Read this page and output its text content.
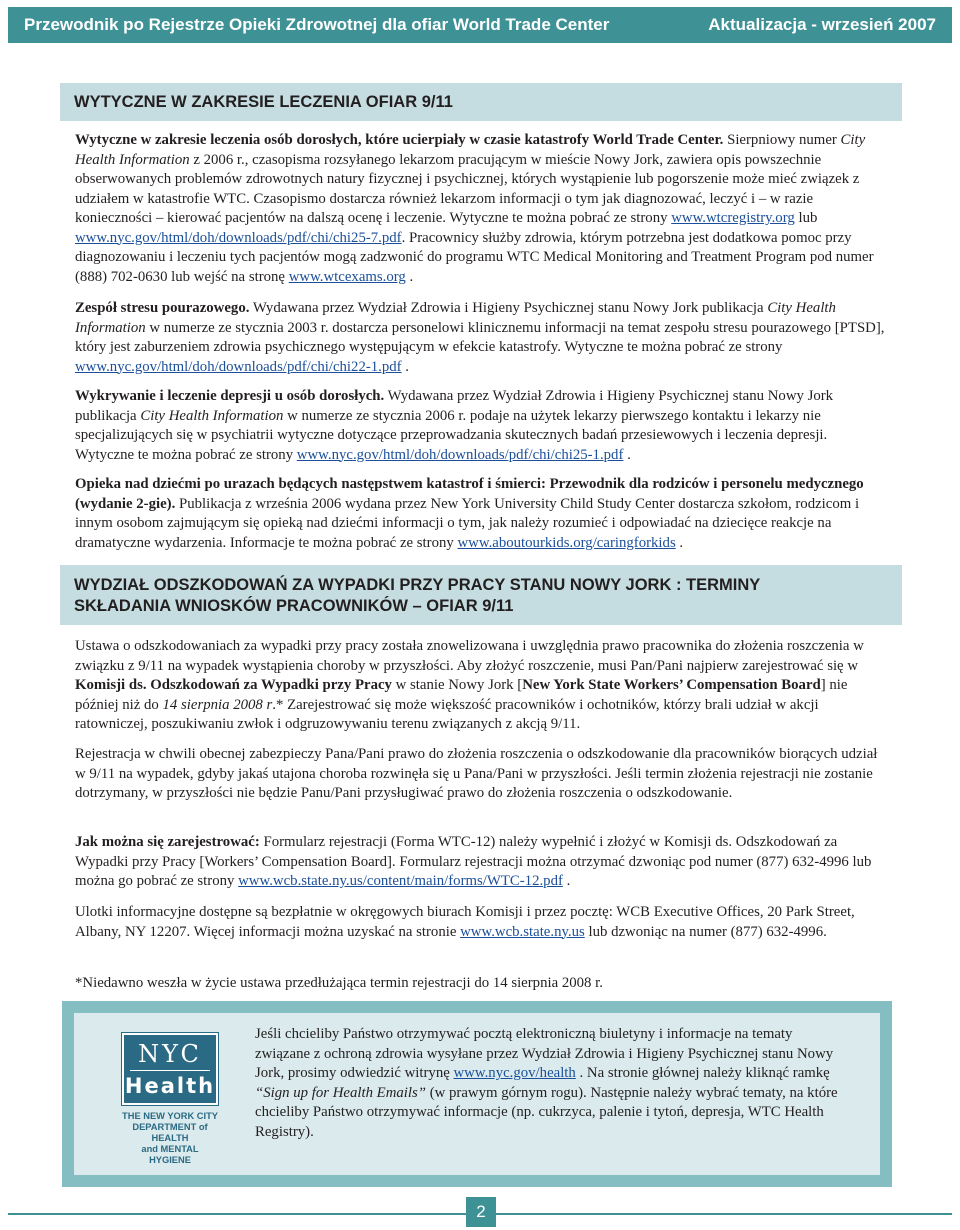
Przewodnik po Rejestrze Opieki Zdrowotnej dla ofiar World Trade Center	Aktualizacja - wrzesień 2007
WYTYCZNE W ZAKRESIE LECZENIA OFIAR 9/11

Wytyczne w zakresie leczenia osób dorosłych, które ucierpiały w czasie katastrofy World Trade Center. Sierpniowy numer City Health Information z 2006 r., czasopisma rozsyłanego lekarzom pracującym w mieście Nowy Jork, zawiera opis powszechnie obserwowanych problemów zdrowotnych natury fizycznej i psychicznej, których wystąpienie lub pogorszenie może mieć związek z udziałem w katastrofie WTC. Czasopismo dostarcza również lekarzom informacji o tym jak diagnozować, leczyć i – w razie konieczności – kierować pacjentów na dalszą ocenę i leczenie. Wytyczne te można pobrać ze strony www.wtcregistry.org lub www.nyc.gov/html/doh/downloads/pdf/chi/chi25-7.pdf. Pracownicy służby zdrowia, którym potrzebna jest dodatkowa pomoc przy diagnozowaniu i leczeniu tych pacjentów mogą zadzwonić do programu WTC Medical Monitoring and Treatment Program pod numer (888) 702-0630 lub wejść na stronę www.wtcexams.org .

Zespół stresu pourazowego. Wydawana przez Wydział Zdrowia i Higieny Psychicznej stanu Nowy Jork publikacja City Health Information w numerze ze stycznia 2003 r. dostarcza personelowi klinicznemu informacji na temat zespołu stresu pourazowego [PTSD], który jest zaburzeniem zdrowia psychicznego występującym w efekcie katastrofy. Wytyczne te można pobrać ze strony www.nyc.gov/html/doh/downloads/pdf/chi/chi22-1.pdf .

Wykrywanie i leczenie depresji u osób dorosłych. Wydawana przez Wydział Zdrowia i Higieny Psychicznej stanu Nowy Jork publikacja City Health Information w numerze ze stycznia 2006 r. podaje na użytek lekarzy pierwszego kontaktu i lekarzy nie specjalizujących się w psychiatrii wytyczne dotyczące przeprowadzania skutecznych badań przesiewowych i leczenia depresji. Wytyczne te można pobrać ze strony www.nyc.gov/html/doh/downloads/pdf/chi/chi25-1.pdf .

Opieka nad dziećmi po urazach będących następstwem katastrof i śmierci: Przewodnik dla rodziców i personelu medycznego (wydanie 2-gie). Publikacja z września 2006 wydana przez New York University Child Study Center dostarcza szkołom, rodzicom i innym osobom zajmującym się opieką nad dziećmi informacji o tym, jak należy rozumieć i odpowiadać na dziecięce reakcje na dramatyczne wydarzenia. Informacje te można pobrać ze strony www.aboutourkids.org/caringforkids .

WYDZIAŁ ODSZKODOWAŃ ZA WYPADKI PRZY PRACY STANU NOWY JORK : TERMINY
SKŁADANIA WNIOSKÓW PRACOWNIKÓW – OFIAR 9/11

Ustawa o odszkodowaniach za wypadki przy pracy została znowelizowana i uwzględnia prawo pracownika do złożenia roszczenia w związku z 9/11 na wypadek wystąpienia choroby w przyszłości. Aby złożyć roszczenie, musi Pan/Pani najpierw zarejestrować się w Komisji ds. Odszkodowań za Wypadki przy Pracy w stanie Nowy Jork [New York State Workers’ Compensation Board] nie później niż do 14 sierpnia 2008 r.* Zarejestrować się może większość pracowników i ochotników, którzy brali udział w akcji ratowniczej, poszukiwaniu zwłok i odgruzowywaniu terenu związanych z akcją 9/11.

Rejestracja w chwili obecnej zabezpieczy Pana/Pani prawo do złożenia roszczenia o odszkodowanie dla pracowników biorących udział w 9/11 na wypadek, gdyby jakaś utajona choroba rozwinęła się u Pana/Pani w przyszłości. Jeśli termin złożenia rejestracji nie zostanie dotrzymany, w przyszłości nie będzie Panu/Pani przysługiwać prawo do złożenia roszczenia o odszkodowanie.

Jak można się zarejestrować: Formularz rejestracji (Forma WTC-12) należy wypełnić i złożyć w Komisji ds. Odszkodowań za Wypadki przy Pracy [Workers’ Compensation Board]. Formularz rejestracji można otrzymać dzwoniąc pod numer (877) 632-4996 lub można go pobrać ze strony www.wcb.state.ny.us/content/main/forms/WTC-12.pdf .

Ulotki informacyjne dostępne są bezpłatnie w okręgowych biurach Komisji i przez pocztę: WCB Executive Offices, 20 Park Street, Albany, NY 12207. Więcej informacji można uzyskać na stronie www.wcb.state.ny.us lub dzwoniąc na numer (877) 632-4996.

*Niedawno weszła w życie ustawa przedłużająca termin rejestracji do 14 sierpnia 2008 r.

NYC
Health
THE NEW YORK CITY
DEPARTMENT of HEALTH
and MENTAL HYGIENE

Jeśli chcieliby Państwo otrzymywać pocztą elektroniczną biuletyny i informacje na tematy związane z ochroną zdrowia wysyłane przez Wydział Zdrowia i Higieny Psychicznej stanu Nowy Jork, prosimy odwiedzić witrynę www.nyc.gov/health . Na stronie głównej należy kliknąć ramkę “Sign up for Health Emails” (w prawym górnym rogu). Następnie należy wybrać tematy, na które chcieliby Państwo otrzymywać informacje (np. cukrzyca, palenie i tytoń, depresja, WTC Health Registry).

2
